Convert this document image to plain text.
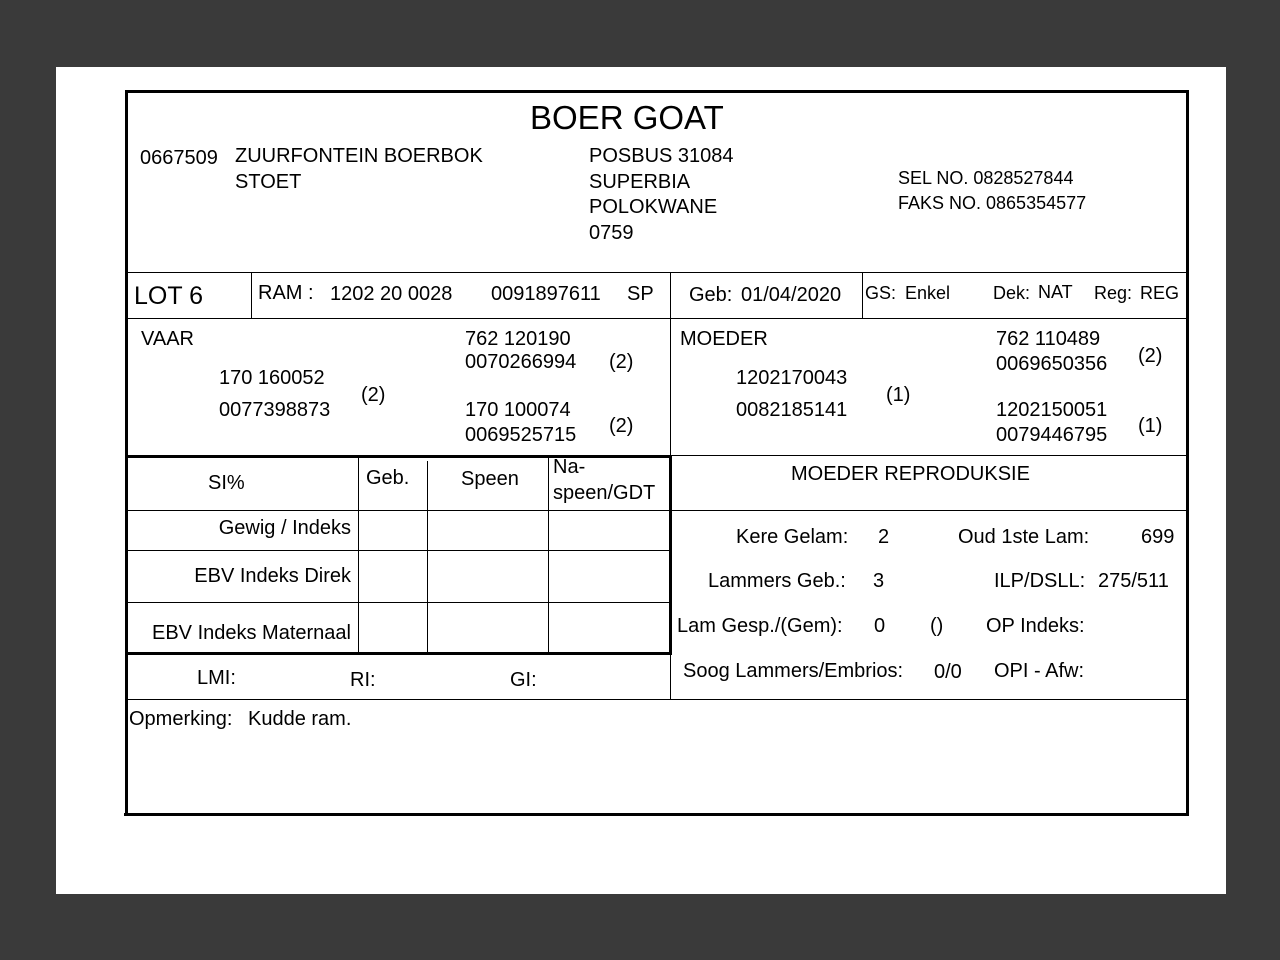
BOER GOAT
0667509 ZUURFONTEIN BOERBOK
STOET
POSBUS 31084
SUPERBIA
POLOKWANE
0759
SEL NO. 0828527844
FAKS NO. 0865354577
LOT 6	RAM : 1202 20 0028 0091897611 SP Geb: 01/04/2020 GS: Enkel Dek: NAT Reg: REG
VAAR
170 160052
0077398873
(2)
762 120190
0070266994 (2)
170 100074
0069525715 (2)
MOEDER
1202170043
0082185141
(1)
762 110489
0069650356 (2)
1202150051
0079446795 (1)
SI%	Geb.	Speen
Na-
speen/GDT
Gewig / Indeks
EBV Indeks Direk
EBV Indeks Maternaal
LMI:	RI:	GI:
MOEDER REPRODUKSIE
Kere Gelam: 2	Oud 1ste Lam:	699
Lammers Geb.: 3	ILP/DSLL: 275/511
Lam Gesp./(Gem): 0 () OP Indeks:
Soog Lammers/Embrios: 0/0 OPI - Afw:
Opmerking: Kudde ram.
